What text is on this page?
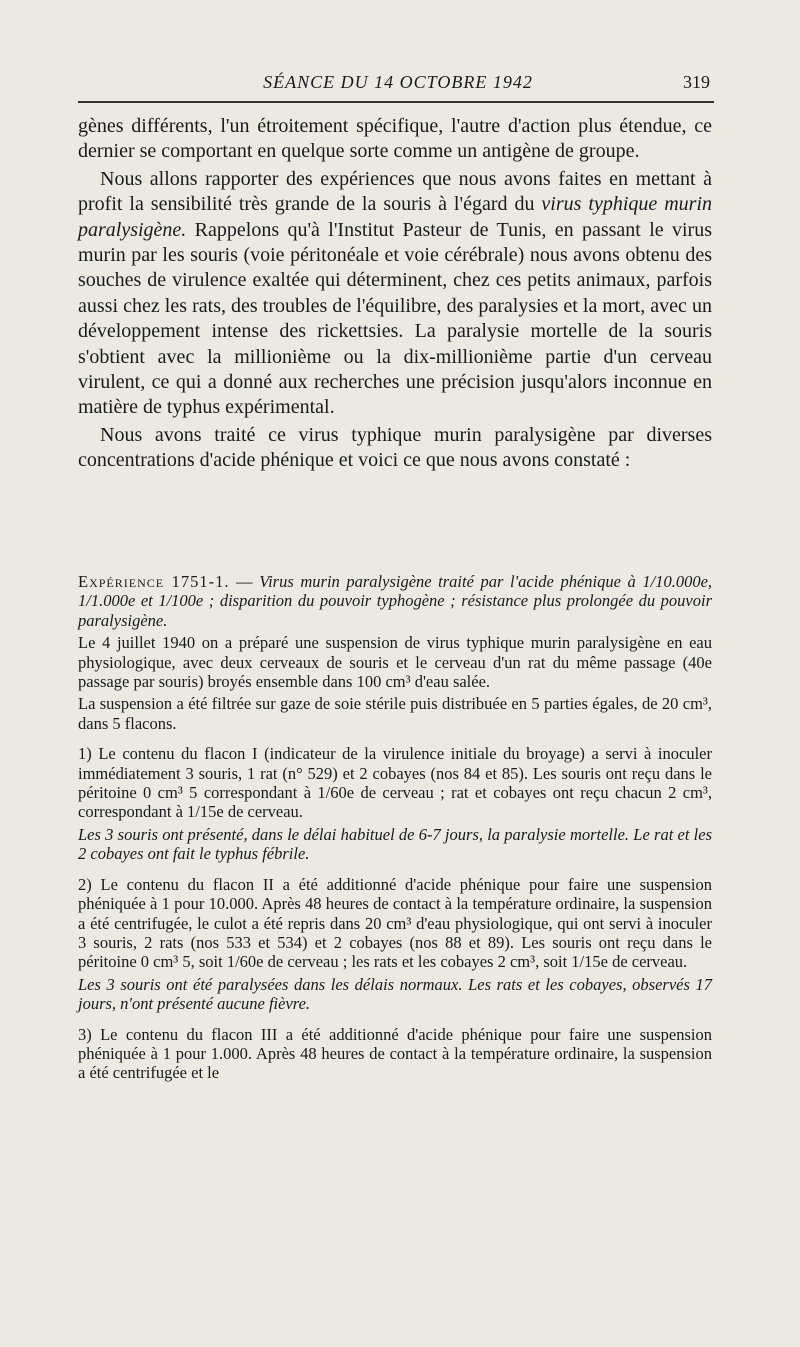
SÉANCE DU 14 OCTOBRE 1942	319

gènes différents, l'un étroitement spécifique, l'autre d'action plus étendue, ce dernier se comportant en quelque sorte comme un antigène de groupe.

Nous allons rapporter des expériences que nous avons faites en mettant à profit la sensibilité très grande de la souris à l'égard du virus typhique murin paralysigène. Rappelons qu'à l'Institut Pasteur de Tunis, en passant le virus murin par les souris (voie péritonéale et voie cérébrale) nous avons obtenu des souches de virulence exaltée qui déterminent, chez ces petits animaux, parfois aussi chez les rats, des troubles de l'équilibre, des paralysies et la mort, avec un développement intense des rickettsies. La paralysie mortelle de la souris s'obtient avec la millionième ou la dix-millionième partie d'un cerveau virulent, ce qui a donné aux recherches une précision jusqu'alors inconnue en matière de typhus expérimental.

Nous avons traité ce virus typhique murin paralysigène par diverses concentrations d'acide phénique et voici ce que nous avons constaté :

Expérience 1751-1. — Virus murin paralysigène traité par l'acide phénique à 1/10.000e, 1/1.000e et 1/100e ; disparition du pouvoir typhogène ; résistance plus prolongée du pouvoir paralysigène.

Le 4 juillet 1940 on a préparé une suspension de virus typhique murin paralysigène en eau physiologique, avec deux cerveaux de souris et le cerveau d'un rat du même passage (40e passage par souris) broyés ensemble dans 100 cm³ d'eau salée.

La suspension a été filtrée sur gaze de soie stérile puis distribuée en 5 parties égales, de 20 cm³, dans 5 flacons.

1) Le contenu du flacon I (indicateur de la virulence initiale du broyage) a servi à inoculer immédiatement 3 souris, 1 rat (n° 529) et 2 cobayes (nos 84 et 85). Les souris ont reçu dans le péritoine 0 cm³ 5 correspondant à 1/60e de cerveau ; rat et cobayes ont reçu chacun 2 cm³, correspondant à 1/15e de cerveau.

Les 3 souris ont présenté, dans le délai habituel de 6-7 jours, la paralysie mortelle. Le rat et les 2 cobayes ont fait le typhus fébrile.

2) Le contenu du flacon II a été additionné d'acide phénique pour faire une suspension phéniquée à 1 pour 10.000. Après 48 heures de contact à la température ordinaire, la suspension a été centrifugée, le culot a été repris dans 20 cm³ d'eau physiologique, qui ont servi à inoculer 3 souris, 2 rats (nos 533 et 534) et 2 cobayes (nos 88 et 89). Les souris ont reçu dans le péritoine 0 cm³ 5, soit 1/60e de cerveau ; les rats et les cobayes 2 cm³, soit 1/15e de cerveau.

Les 3 souris ont été paralysées dans les délais normaux. Les rats et les cobayes, observés 17 jours, n'ont présenté aucune fièvre.

3) Le contenu du flacon III a été additionné d'acide phénique pour faire une suspension phéniquée à 1 pour 1.000. Après 48 heures de contact à la température ordinaire, la suspension a été centrifugée et le
